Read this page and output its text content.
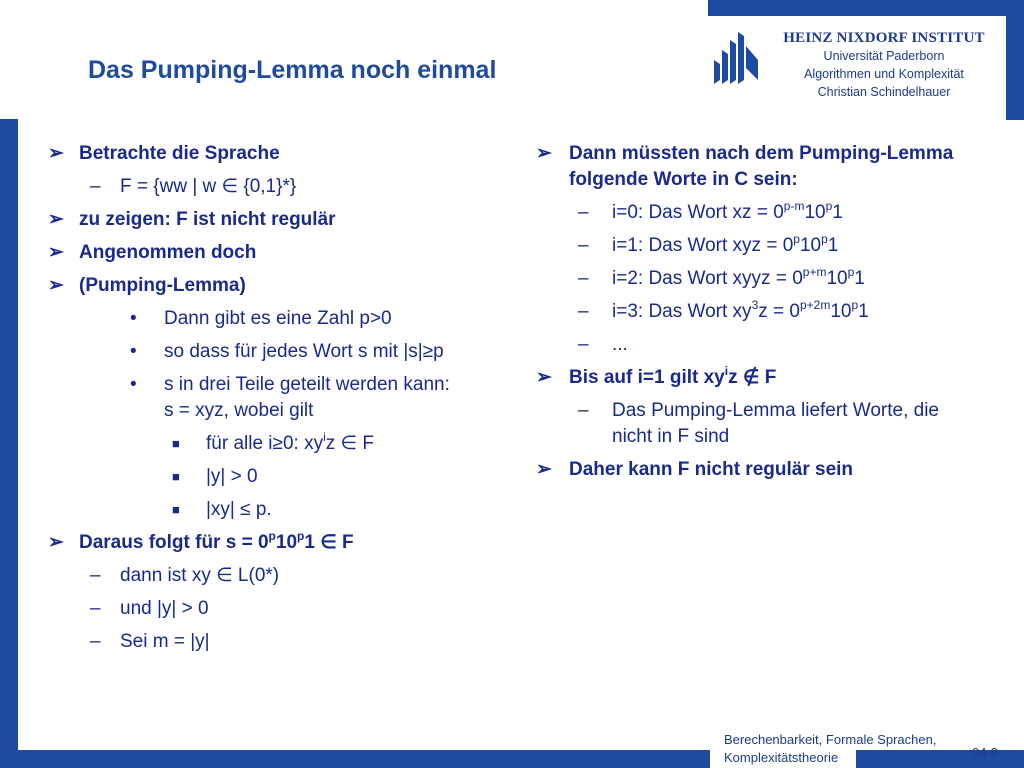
Das Pumping-Lemma noch einmal
HEINZ NIXDORF INSTITUT
Universität Paderborn
Algorithmen und Komplexität
Christian Schindelhauer
➢ Betrachte die Sprache
– F = {ww | w ∈ {0,1}*}
➢ zu zeigen: F ist nicht regulär
➢ Angenommen doch
➢ (Pumping-Lemma)
• Dann gibt es eine Zahl p>0
• so dass für jedes Wort s mit |s|≥p
• s in drei Teile geteilt werden kann: s = xyz, wobei gilt
■ für alle i≥0: $xy^iz$ ∈ F
■ |y| > 0
■ |xy| ≤ p.
➢ Daraus folgt für $s = 0^p10^p1$ ∈ F
– dann ist xy ∈ L(0*)
– und |y| > 0
– Sei m = |y|
➢ Dann müssten nach dem Pumping-Lemma folgende Worte in C sein:
– i=0: Das Wort xz = $0^{p-m}10^p1$
– i=1: Das Wort xyz = $0^p10^p1$
– i=2: Das Wort xyyz = $0^{p+m}10^p1$
– i=3: Das Wort $xy^3z = 0^{p+2m}10^p1$
– ...
➢ Bis auf i=1 gilt $xy^iz$ ∉ F
– Das Pumping-Lemma liefert Worte, die nicht in F sind
➢ Daher kann F nicht regulär sein
Berechenbarkeit, Formale Sprachen,
Komplexitätstheorie	04-8
